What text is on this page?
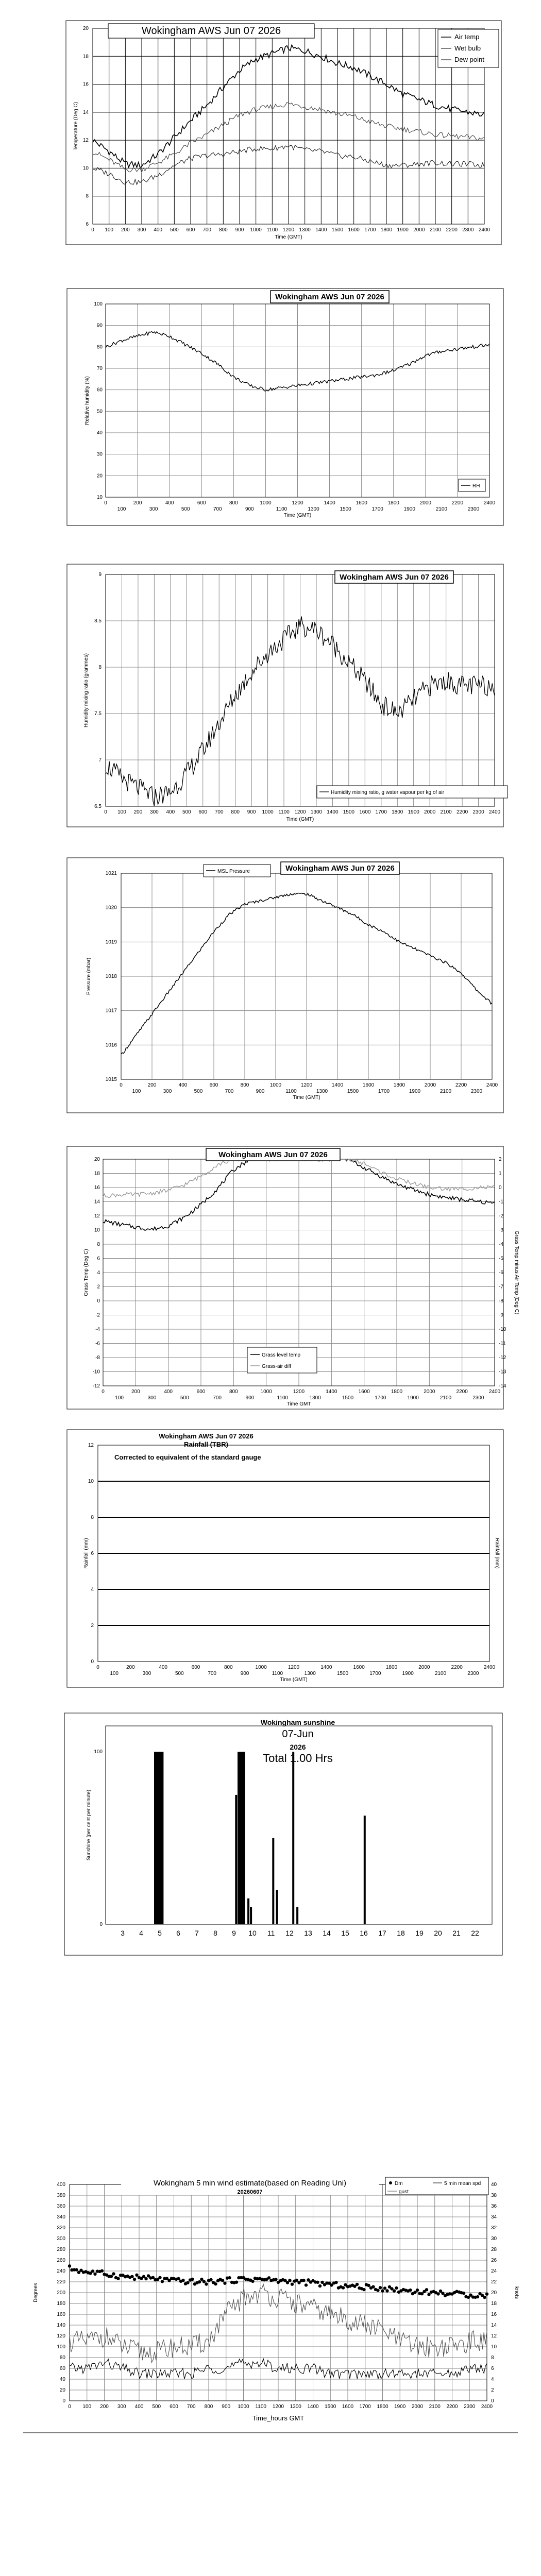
6
8
10
12
14
16
18
20
0 100 200 300 400 500 600 700 800 900 1000 1100 1200 1300 1400 1500 1600 1700 1800 1900 2000 2100 2200 2300 2400
Time (GMT)
Temperature (Deg C)
Wokingham AWS Jun 07 2026
Air temp
Wet bulb
Dew point
10
20
30
40
50
60
70
80
90
100
0	200	400	600	800	1000	1200	1400	1600	1800	2000	2200	2400
100	300	500	700	900	1100	1300	1500	1700	1900	2100	2300
Time (GMT)
Relative humidity (%)
Wokingham AWS Jun 07 2026
RH
6.5
7
7.5
8
8.5
9
0 100 200 300 400 500 600 700 800 900 1000 1100 1200 1300 1400 1500 1600 1700 1800 1900 2000 2100 2200 2300 2400
Time (GMT)
Humidity mixing ratio (grammes)
Wokingham AWS Jun 07 2026
Humidity mixing ratio, g water vapour per kg of air
1015
1016
1017
1018
1019
1020
1021
0	200	400	600	800	1000	1200	1400	1600	1800	2000	2200	2400
100	300	500	700	900	1100	1300	1500	1700	1900	2100	2300
Time (GMT)
Pressure (mbar)
Wokingham AWS Jun 07 2026
MSL Pressure
-12
-10
-8
-6
-4
-2
0
2
4
6
8
10
12
14
16
18
20
-14
-13
-12
-11
-10
-9
-8
-7
-6
-5
-4
-3
-2
-1
0
1
2
0	200	400	600	800	1000	1200	1400	1600	1800	2000	2200	2400
100	300	500	700	900	1100	1300	1500	1700	1900	2100	2300
Time GMT
Grass Temp (Deg C)	Grass Temp minus Air Temp (Deg C)
Wokingham AWS Jun 07 2026
Grass level temp
Grass-air diff
0
2
4
6
8
10
12
0	200	400	600	800	1000	1200	1400	1600	1800	2000	2200	2400
100	300	500	700	900	1100	1300	1500	1700	1900	2100	2300
Time (GMT)
Rainfall (mm)	Rainfall (mm)
Wokingham AWS Jun 07 2026
Rainfall (TBR)
Corrected to equivalent of the standard gauge
100
0
Sunshine (per cent per minute)
3 4 5 6 7 8 9 10 11 12 13 14 15 16 17 18 19 20 21 22
Wokingham sunshine
07-Jun
2026
Total 1.00 Hrs
0
20
40
60
80
100
120
140
160
180
200
220
240
260
280
300
320
340
360
380
400
0
2
4
6
8
10
12
14
16
18
20
22
24
26
28
30
32
34
36
38
40
0 100 200 300 400 500 600 700 800 900 1000 1100 1200 1300 1400 1500 1600 1700 1800 1900 2000 2100 2200 2300 2400
Time_hours GMT
Degrees	knots
Wokingham 5 min wind estimate(based on Reading Uni)
20260607
Dm	5 min mean spd
gust
